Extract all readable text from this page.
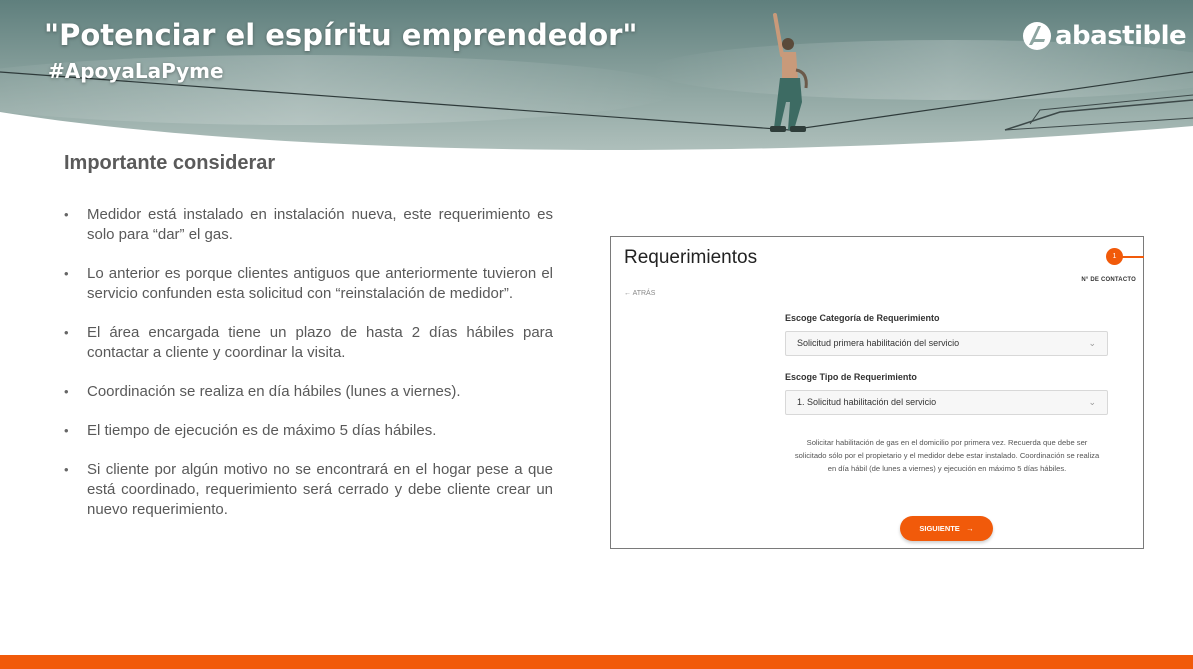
"Potenciar el espíritu emprendedor"
#ApoyaLaPyme
abastible
Importante considerar
• Medidor está instalado en instalación nueva, este requerimiento es solo para “dar” el gas.
• Lo anterior es porque clientes antiguos que anteriormente tuvieron el servicio confunden esta solicitud con “reinstalación de medidor”.
• El área encargada tiene un plazo de hasta 2 días hábiles para contactar a cliente y coordinar la visita.
• Coordinación se realiza en día hábiles (lunes a viernes).
• El tiempo de ejecución es de máximo 5 días hábiles.
• Si cliente por algún motivo no se encontrará en el hogar pese a que está coordinado, requerimiento será cerrado y debe cliente crear un nuevo requerimiento.
Requerimientos	1
N° DE CONTACTO
← ATRÁS
Escoge Categoría de Requerimiento
Solicitud primera habilitación del servicio	⌄
Escoge Tipo de Requerimiento
1. Solicitud habilitación del servicio	⌄

Solicitar habilitación de gas en el domicilio por primera vez. Recuerda que debe ser solicitado sólo por el propietario y el medidor debe estar instalado. Coordinación se realiza en día hábil (de lunes a viernes) y ejecución en máximo 5 días hábiles.

SIGUIENTE   →
